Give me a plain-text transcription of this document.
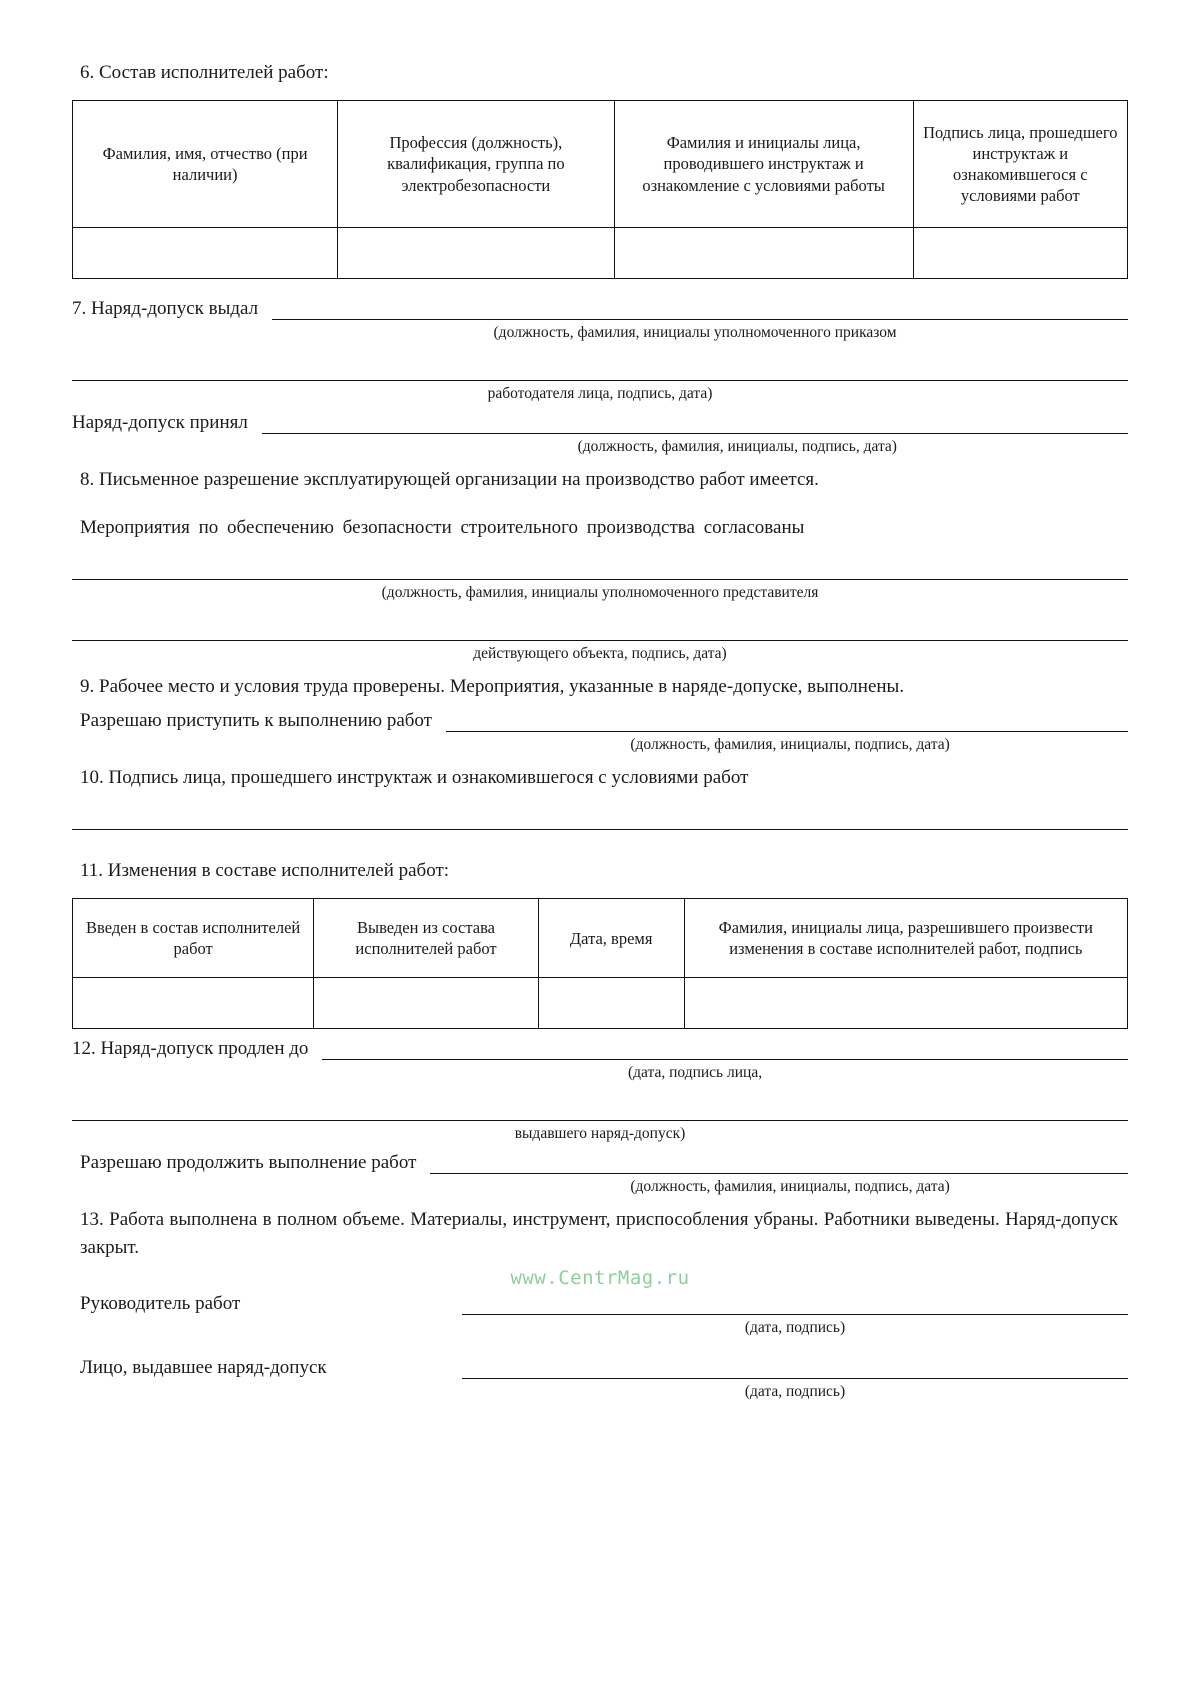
6. Состав исполнителей работ:
Фамилия, имя, отчество (при наличии)	Профессия (должность), квалификация, группа по электробезопасности	Фамилия и инициалы лица, проводившего инструктаж и ознакомление с условиями работы	Подпись лица, прошедшего инструктаж и ознакомившегося с условиями работ

7. Наряд-допуск выдал
(должность, фамилия, инициалы уполномоченного приказом
работодателя лица, подпись, дата)
Наряд-допуск принял
(должность, фамилия, инициалы, подпись, дата)

8. Письменное разрешение эксплуатирующей организации на производство работ имеется.

Мероприятия по обеспечению безопасности строительного производства согласованы

(должность, фамилия, инициалы уполномоченного представителя
действующего объекта, подпись, дата)

9. Рабочее место и условия труда проверены. Мероприятия, указанные в наряде-допуске, выполнены.

Разрешаю приступить к выполнению работ
(должность, фамилия, инициалы, подпись, дата)

10. Подпись лица, прошедшего инструктаж и ознакомившегося с условиями работ

11. Изменения в составе исполнителей работ:
Введен в состав исполнителей работ	Выведен из состава исполнителей работ	Дата, время	Фамилия, инициалы лица, разрешившего произвести изменения в составе исполнителей работ, подпись

12. Наряд-допуск продлен до
(дата, подпись лица,
выдавшего наряд-допуск)
Разрешаю продолжить выполнение работ
(должность, фамилия, инициалы, подпись, дата)

13. Работа выполнена в полном объеме. Материалы, инструмент, приспособления убраны. Работники выведены. Наряд-допуск закрыт.

www.CentrMag.ru
Руководитель работ
(дата, подпись)
Лицо, выдавшее наряд-допуск
(дата, подпись)
